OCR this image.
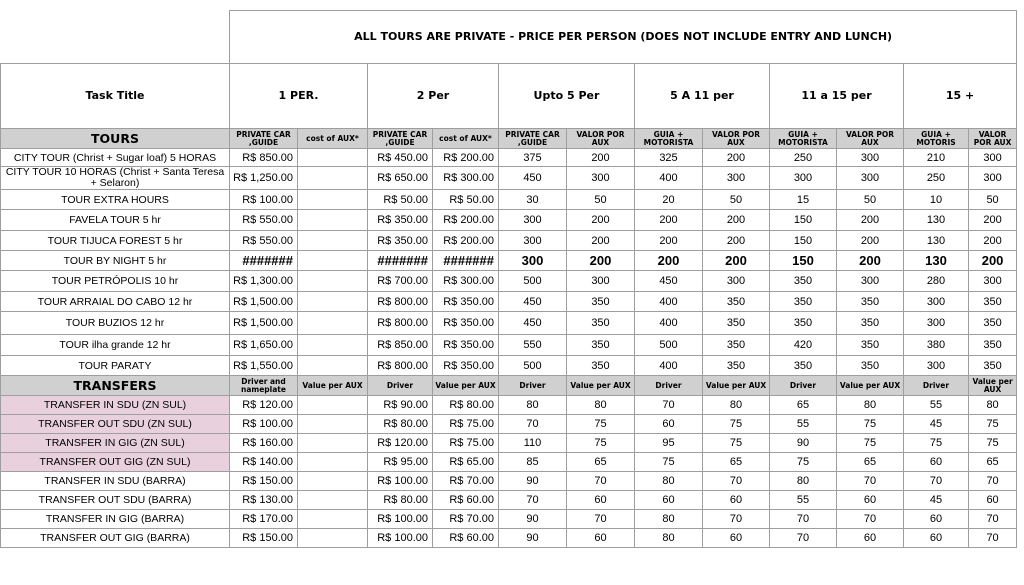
	ALL TOURS ARE PRIVATE - PRICE PER PERSON (DOES NOT INCLUDE ENTRY AND LUNCH)											
Task Title	1 PER.		2 Per		Upto 5 Per		5 A 11 per		11 a 15 per		15 +	
TOURS	PRIVATE CAR ,GUIDE	cost of AUX*	PRIVATE CAR ,GUIDE	cost of AUX*	PRIVATE CAR ,GUIDE	VALOR POR AUX	GUIA + MOTORISTA	VALOR POR AUX	GUIA + MOTORISTA	VALOR POR AUX	GUIA + MOTORIS	VALOR POR AUX
CITY TOUR (Christ + Sugar loaf) 5 HORAS	R$ 850.00		R$ 450.00	R$ 200.00	375	200	325	200	250	300	210	300
CITY TOUR 10 HORAS (Christ + Santa Teresa + Selaron)	R$ 1,250.00		R$ 650.00	R$ 300.00	450	300	400	300	300	300	250	300
TOUR EXTRA HOURS	R$ 100.00		R$ 50.00	R$ 50.00	30	50	20	50	15	50	10	50
FAVELA TOUR 5 hr	R$ 550.00		R$ 350.00	R$ 200.00	300	200	200	200	150	200	130	200
TOUR TIJUCA FOREST 5 hr	R$ 550.00		R$ 350.00	R$ 200.00	300	200	200	200	150	200	130	200
TOUR BY NIGHT 5 hr	#######		#######	#######	300	200	200	200	150	200	130	200
TOUR PETRÓPOLIS 10 hr	R$ 1,300.00		R$ 700.00	R$ 300.00	500	300	450	300	350	300	280	300
TOUR ARRAIAL DO CABO 12 hr	R$ 1,500.00		R$ 800.00	R$ 350.00	450	350	400	350	350	350	300	350
TOUR BUZIOS 12 hr	R$ 1,500.00		R$ 800.00	R$ 350.00	450	350	400	350	350	350	300	350
TOUR ilha grande 12 hr	R$ 1,650.00		R$ 850.00	R$ 350.00	550	350	500	350	420	350	380	350
TOUR PARATY	R$ 1,550.00		R$ 800.00	R$ 350.00	500	350	400	350	350	350	300	350
TRANSFERS	Driver and nameplate	Value per AUX	Driver	Value per AUX	Driver	Value per AUX	Driver	Value per AUX	Driver	Value per AUX	Driver	Value per AUX
TRANSFER IN SDU (ZN SUL)	R$ 120.00		R$ 90.00	R$ 80.00	80	80	70	80	65	80	55	80
TRANSFER OUT SDU (ZN SUL)	R$ 100.00		R$ 80.00	R$ 75.00	70	75	60	75	55	75	45	75
TRANSFER IN GIG (ZN SUL)	R$ 160.00		R$ 120.00	R$ 75.00	110	75	95	75	90	75	75	75
TRANSFER OUT GIG (ZN SUL)	R$ 140.00		R$ 95.00	R$ 65.00	85	65	75	65	75	65	60	65
TRANSFER IN SDU (BARRA)	R$ 150.00		R$ 100.00	R$ 70.00	90	70	80	70	80	70	70	70
TRANSFER OUT SDU (BARRA)	R$ 130.00		R$ 80.00	R$ 60.00	70	60	60	60	55	60	45	60
TRANSFER IN GIG (BARRA)	R$ 170.00		R$ 100.00	R$ 70.00	90	70	80	70	70	70	60	70
TRANSFER OUT GIG (BARRA)	R$ 150.00		R$ 100.00	R$ 60.00	90	60	80	60	70	60	60	70
